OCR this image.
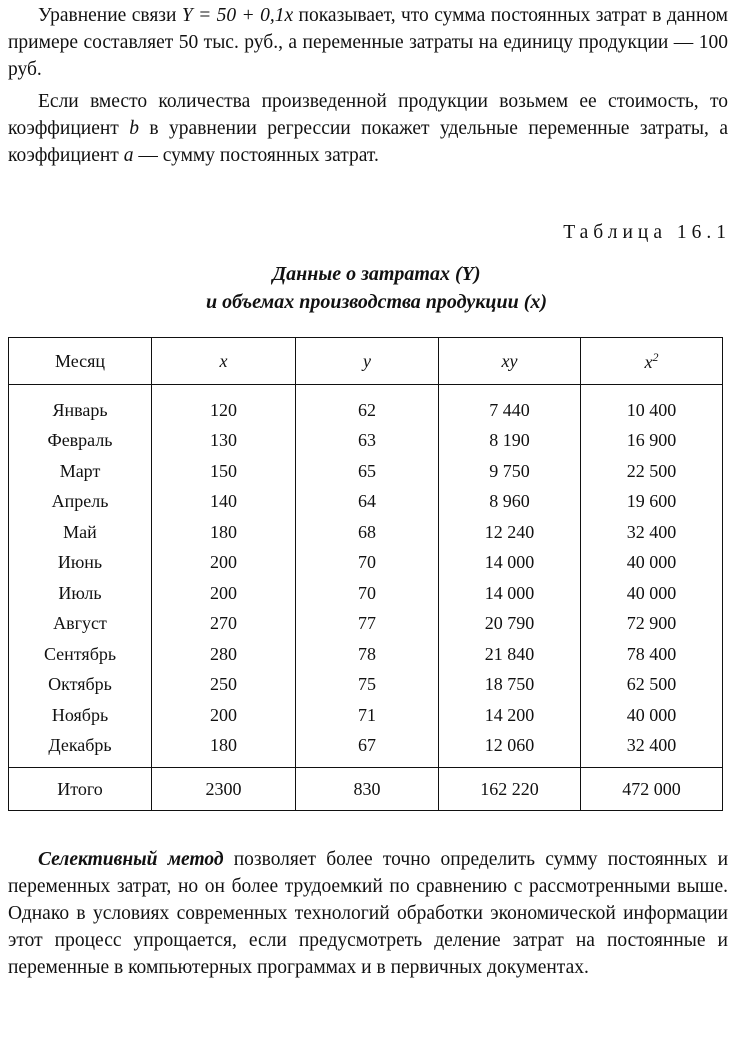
Уравнение связи Y = 50 + 0,1x показывает, что сумма постоянных затрат в данном примере составляет 50 тыс. руб., а переменные затраты на единицу продукции — 100 руб.

Если вместо количества произведенной продукции возьмем ее стоимость, то коэффициент b в уравнении регрессии покажет удельные переменные затраты, а коэффициент a — сумму постоянных затрат.

Таблица 16.1
Данные о затратах (Y)
и объемах производства продукции (x)
Месяц	x	y	xy	$x^2$
Январь	120	62	7 440	10 400
Февраль	130	63	8 190	16 900
Март	150	65	9 750	22 500
Апрель	140	64	8 960	19 600
Май	180	68	12 240	32 400
Июнь	200	70	14 000	40 000
Июль	200	70	14 000	40 000
Август	270	77	20 790	72 900
Сентябрь	280	78	21 840	78 400
Октябрь	250	75	18 750	62 500
Ноябрь	200	71	14 200	40 000
Декабрь	180	67	12 060	32 400
Итого	2300	830	162 220	472 000

Селективный метод позволяет более точно определить сумму постоянных и переменных затрат, но он более трудоемкий по сравнению с рассмотренными выше. Однако в условиях современных технологий обработки экономической информации этот процесс упрощается, если предусмотреть деление затрат на постоянные и переменные в компьютерных программах и в первичных документах.
